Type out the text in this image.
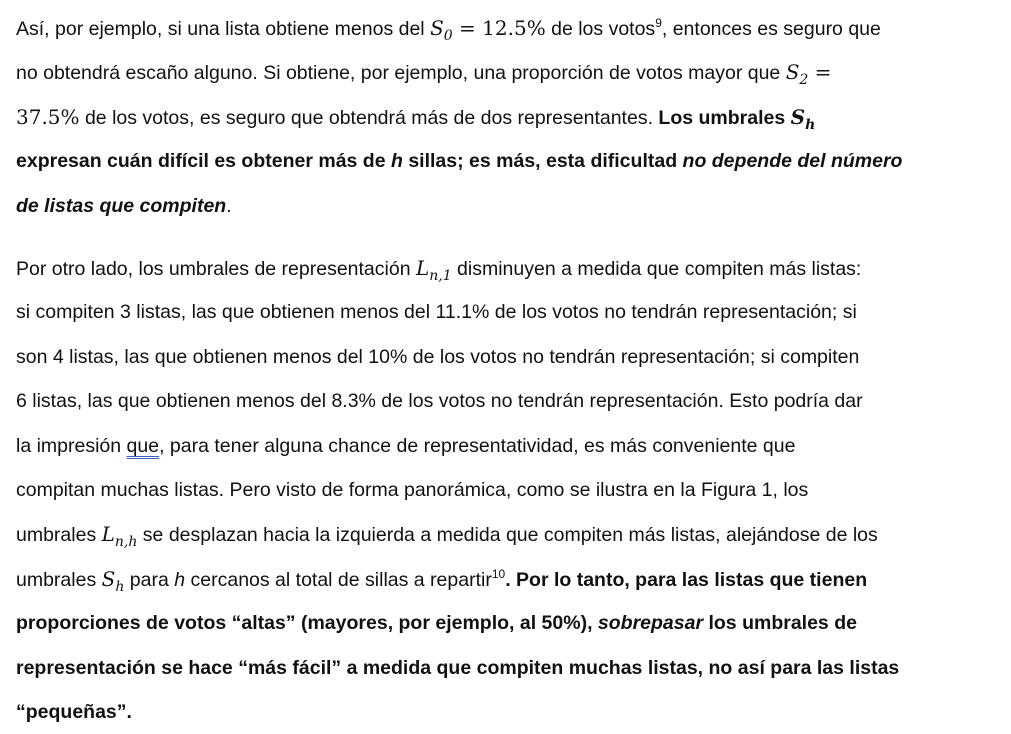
Así, por ejemplo, si una lista obtiene menos del $S_0 = 12.5\%$ de los votos$^9$, entonces es seguro que
no obtendrá escaño alguno. Si obtiene, por ejemplo, una proporción de votos mayor que $S_2$ =
37.5% de los votos, es seguro que obtendrá más de dos representantes. Los umbrales $S_h$
expresan cuán difícil es obtener más de h sillas; es más, esta dificultad no depende del número
de listas que compiten.

Por otro lado, los umbrales de representación $L_{n,1}$ disminuyen a medida que compiten más listas:
si compiten 3 listas, las que obtienen menos del 11.1% de los votos no tendrán representación; si
son 4 listas, las que obtienen menos del 10% de los votos no tendrán representación; si compiten
6 listas, las que obtienen menos del 8.3% de los votos no tendrán representación. Esto podría dar
la impresión que, para tener alguna chance de representatividad, es más conveniente que
compitan muchas listas. Pero visto de forma panorámica, como se ilustra en la Figura 1, los
umbrales $L_{n,h}$ se desplazan hacia la izquierda a medida que compiten más listas, alejándose de los
umbrales $S_h$ para h cercanos al total de sillas a repartir$^{10}$. Por lo tanto, para las listas que tienen
proporciones de votos “altas” (mayores, por ejemplo, al 50%), sobrepasar los umbrales de
representación se hace “más fácil” a medida que compiten muchas listas, no así para las listas
“pequeñas”.
